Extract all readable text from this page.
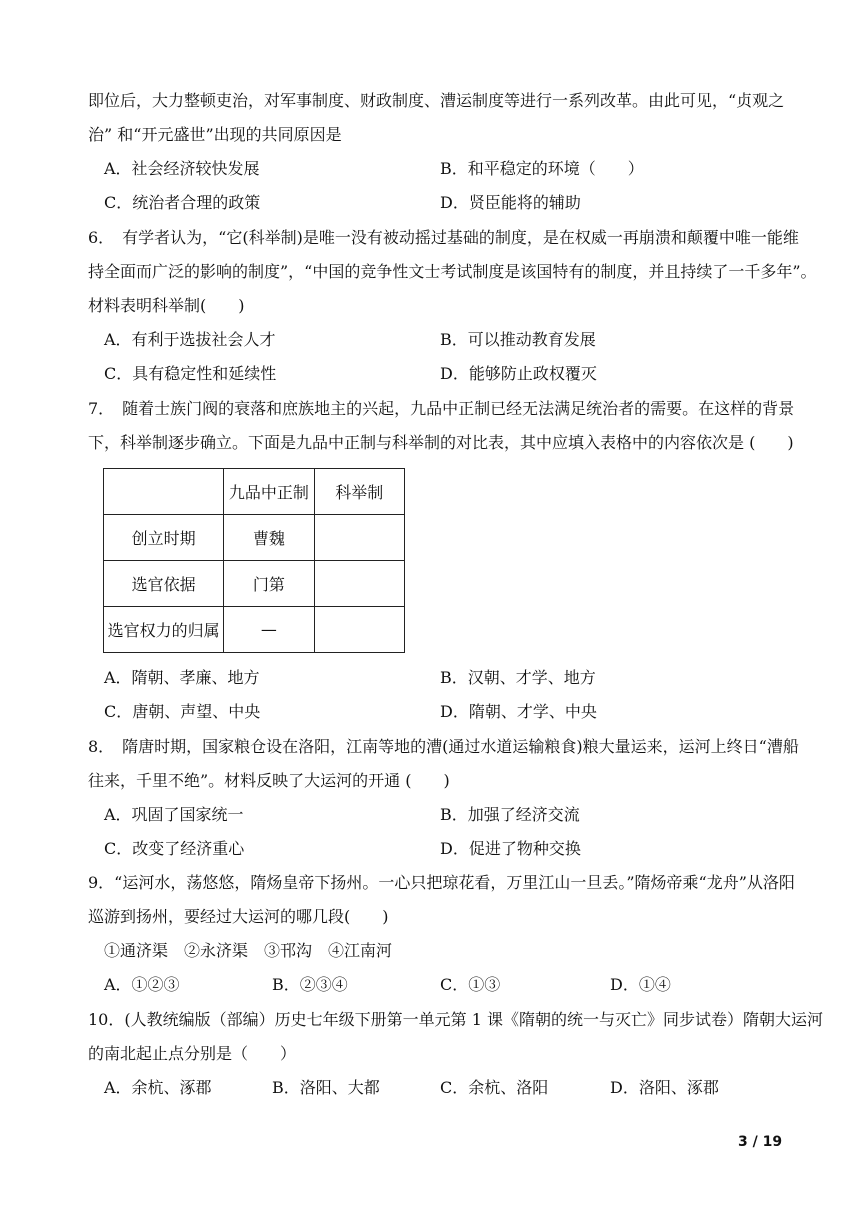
即位后，大力整顿吏治，对军事制度、财政制度、漕运制度等进行一系列改革。由此可见，“贞观之
治” 和“开元盛世”出现的共同原因是
A．社会经济较快发展	B．和平稳定的环境（　　）
C．统治者合理的政策	D．贤臣能将的辅助
6．　有学者认为，“它(科举制)是唯一没有被动摇过基础的制度，是在权威一再崩溃和颠覆中唯一能维
持全面而广泛的影响的制度”，“中国的竞争性文士考试制度是该国特有的制度，并且持续了一千多年”。
材料表明科举制(　　)
A．有利于选拔社会人才	B．可以推动教育发展
C．具有稳定性和延续性	D．能够防止政权覆灭
7．　随着士族门阀的衰落和庶族地主的兴起，九品中正制已经无法满足统治者的需要。在这样的背景
下，科举制逐步确立。下面是九品中正制与科举制的对比表，其中应填入表格中的内容依次是 (　　)
	九品中正制	科举制
创立时期	曹魏	
选官依据	门第	
选官权力的归属	—	
A．隋朝、孝廉、地方	B．汉朝、才学、地方
C．唐朝、声望、中央	D．隋朝、才学、中央
8．　隋唐时期，国家粮仓设在洛阳，江南等地的漕(通过水道运输粮食)粮大量运来，运河上终日“漕船
往来，千里不绝”。材料反映了大运河的开通 (　　)
A．巩固了国家统一	B．加强了经济交流
C．改变了经济重心	D．促进了物种交换
9．“运河水，荡悠悠，隋炀皇帝下扬州。一心只把琼花看，万里江山一旦丢。”隋炀帝乘“龙舟”从洛阳
巡游到扬州，要经过大运河的哪几段(　　)
①通济渠　②永济渠　③邗沟　④江南河
A．①②③	B．②③④	C．①③	D．①④
10．(人教统编版（部编）历史七年级下册第一单元第 1 课《隋朝的统一与灭亡》同步试卷）隋朝大运河
的南北起止点分别是（　　）
A．余杭、涿郡	B．洛阳、大都	C．余杭、洛阳	D．洛阳、涿郡
3 / 19
